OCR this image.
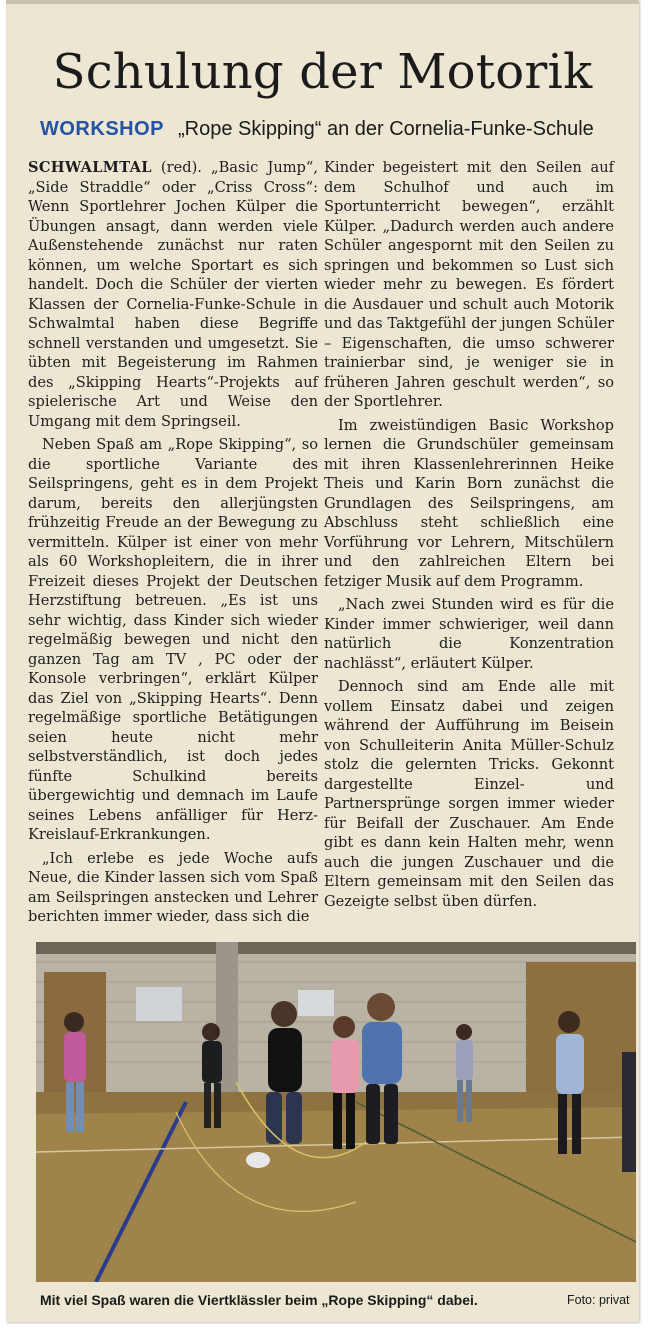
Schulung der Motorik
WORKSHOP „Rope Skipping“ an der Cornelia-Funke-Schule

SCHWALMTAL (red). „Basic Jump“, „Side Straddle“ oder „Criss Cross“: Wenn Sportlehrer Jochen Külper die Übungen ansagt, dann werden viele Außenstehende zunächst nur raten können, um welche Sportart es sich handelt. Doch die Schüler der vierten Klassen der Cornelia-Funke-Schule in Schwalmtal haben diese Begriffe schnell verstanden und umgesetzt. Sie übten mit Begeisterung im Rahmen des „Skipping Hearts“-Projekts auf spielerische Art und Weise den Umgang mit dem Springseil.

Neben Spaß am „Rope Skipping“, so die sportliche Variante des Seilspringens, geht es in dem Projekt darum, bereits den allerjüngsten frühzeitig Freude an der Bewegung zu vermitteln. Külper ist einer von mehr als 60 Workshopleitern, die in ihrer Freizeit dieses Projekt der Deutschen Herzstiftung betreuen. „Es ist uns sehr wichtig, dass Kinder sich wieder regelmäßig bewegen und nicht den ganzen Tag am TV , PC oder der Konsole verbringen“, erklärt Külper das Ziel von „Skipping Hearts“. Denn regelmäßige sportliche Betätigungen seien heute nicht mehr selbstverständlich, ist doch jedes fünfte Schulkind bereits übergewichtig und demnach im Laufe seines Lebens anfälliger für Herz-Kreislauf-Erkrankungen.

„Ich erlebe es jede Woche aufs Neue, die Kinder lassen sich vom Spaß am Seilspringen anstecken und Lehrer berichten immer wieder, dass sich die

Kinder begeistert mit den Seilen auf dem Schulhof und auch im Sportunterricht bewegen“, erzählt Külper. „Dadurch werden auch andere Schüler angespornt mit den Seilen zu springen und bekommen so Lust sich wieder mehr zu bewegen. Es fördert die Ausdauer und schult auch Motorik und das Taktgefühl der jungen Schüler – Eigenschaften, die umso schwerer trainierbar sind, je weniger sie in früheren Jahren geschult werden“, so der Sportlehrer.

Im zweistündigen Basic Workshop lernen die Grundschüler gemeinsam mit ihren Klassenlehrerinnen Heike Theis und Karin Born zunächst die Grundlagen des Seilspringens, am Abschluss steht schließlich eine Vorführung vor Lehrern, Mitschülern und den zahlreichen Eltern bei fetziger Musik auf dem Programm.

„Nach zwei Stunden wird es für die Kinder immer schwieriger, weil dann natürlich die Konzentration nachlässt“, erläutert Külper.

Dennoch sind am Ende alle mit vollem Einsatz dabei und zeigen während der Aufführung im Beisein von Schulleiterin Anita Müller-Schulz stolz die gelernten Tricks. Gekonnt dargestellte Einzel- und Partnersprünge sorgen immer wieder für Beifall der Zuschauer. Am Ende gibt es dann kein Halten mehr, wenn auch die jungen Zuschauer und die Eltern gemeinsam mit den Seilen das Gezeigte selbst üben dürfen.

Mit viel Spaß waren die Viertklässler beim „Rope Skipping“ dabei.	Foto: privat
